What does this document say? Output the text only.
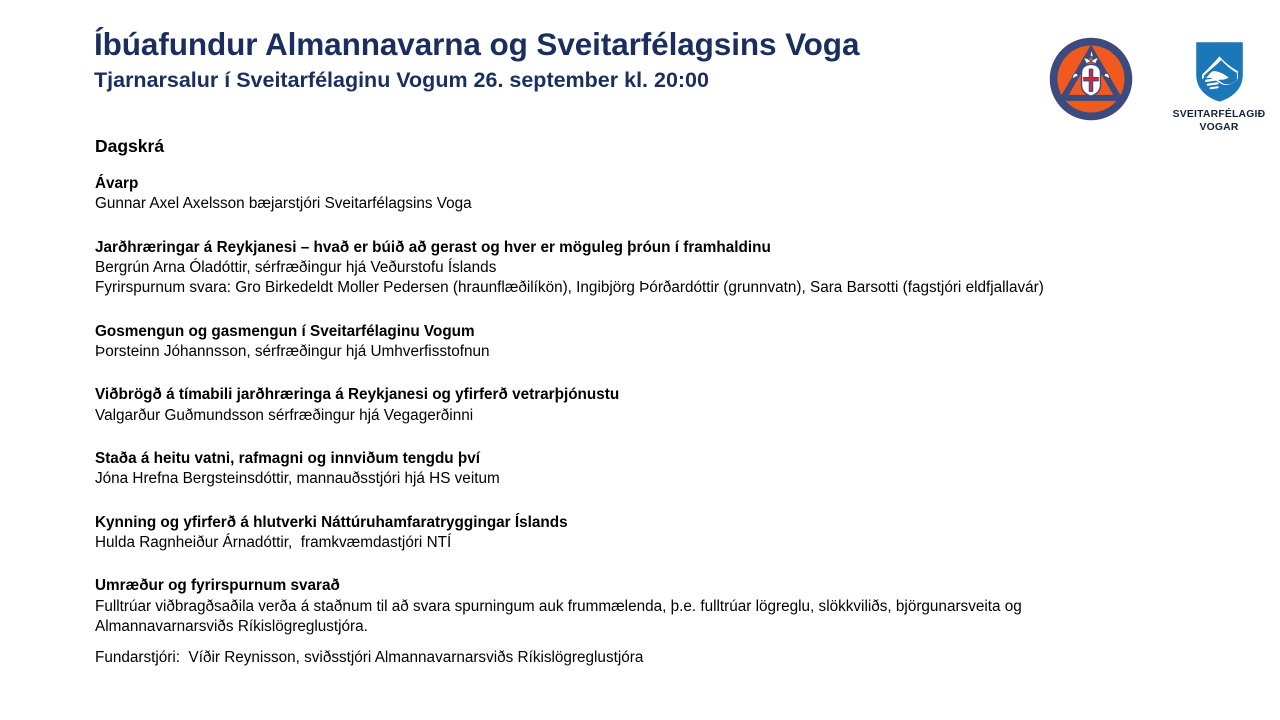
Íbúafundur Almannavarna og Sveitarfélagsins Voga
Tjarnarsalur í Sveitarfélaginu Vogum 26. september kl. 20:00
SVEITARFÉLAGIÐ
VOGAR
Dagskrá
Ávarp
Gunnar Axel Axelsson bæjarstjóri Sveitarfélagsins Voga
Jarðhræringar á Reykjanesi – hvað er búið að gerast og hver er möguleg þróun í framhaldinu
Bergrún Arna Óladóttir, sérfræðingur hjá Veðurstofu Íslands
Fyrirspurnum svara: Gro Birkedeldt Moller Pedersen (hraunflæðilíkön), Ingibjörg Þórðardóttir (grunnvatn), Sara Barsotti (fagstjóri eldfjallavár)
Gosmengun og gasmengun í Sveitarfélaginu Vogum
Þorsteinn Jóhannsson, sérfræðingur hjá Umhverfisstofnun
Viðbrögð á tímabili jarðhræringa á Reykjanesi og yfirferð vetrarþjónustu
Valgarður Guðmundsson sérfræðingur hjá Vegagerðinni
Staða á heitu vatni, rafmagni og innviðum tengdu því
Jóna Hrefna Bergsteinsdóttir, mannauðsstjóri hjá HS veitum
Kynning og yfirferð á hlutverki Náttúruhamfaratryggingar Íslands
Hulda Ragnheiður Árnadóttir,  framkvæmdastjóri NTÍ
Umræður og fyrirspurnum svarað
Fulltrúar viðbragðsaðila verða á staðnum til að svara spurningum auk frummælenda, þ.e. fulltrúar lögreglu, slökkviliðs, björgunarsveita og Almannavarnarsviðs Ríkislögreglustjóra.
Fundarstjóri:  Víðir Reynisson, sviðsstjóri Almannavarnarsviðs Ríkislögreglustjóra
